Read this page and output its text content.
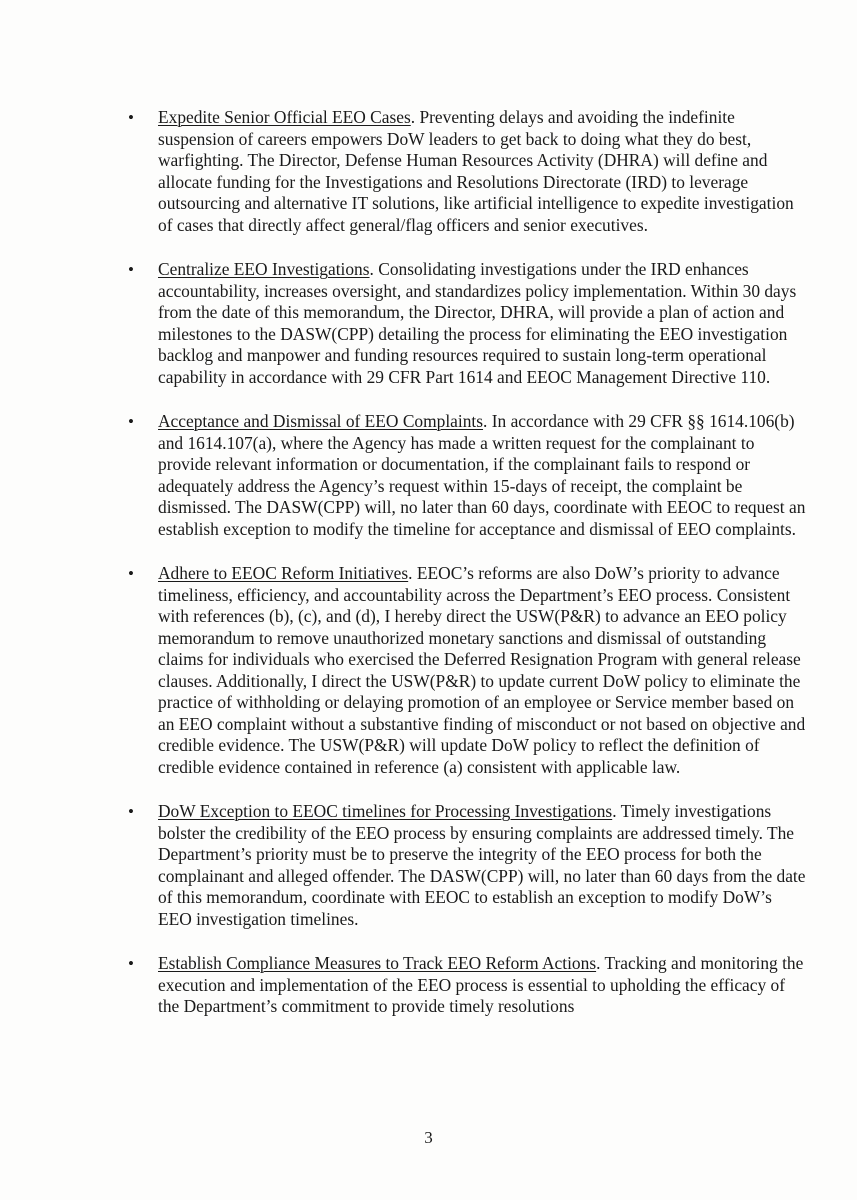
•	Expedite Senior Official EEO Cases. Preventing delays and avoiding the indefinite suspension of careers empowers DoW leaders to get back to doing what they do best, warfighting. The Director, Defense Human Resources Activity (DHRA) will define and allocate funding for the Investigations and Resolutions Directorate (IRD) to leverage outsourcing and alternative IT solutions, like artificial intelligence to expedite investigation of cases that directly affect general/flag officers and senior executives.
•	Centralize EEO Investigations. Consolidating investigations under the IRD enhances accountability, increases oversight, and standardizes policy implementation. Within 30 days from the date of this memorandum, the Director, DHRA, will provide a plan of action and milestones to the DASW(CPP) detailing the process for eliminating the EEO investigation backlog and manpower and funding resources required to sustain long-term operational capability in accordance with 29 CFR Part 1614 and EEOC Management Directive 110.
•	Acceptance and Dismissal of EEO Complaints. In accordance with 29 CFR §§ 1614.106(b) and 1614.107(a), where the Agency has made a written request for the complainant to provide relevant information or documentation, if the complainant fails to respond or adequately address the Agency’s request within 15-days of receipt, the complaint be dismissed. The DASW(CPP) will, no later than 60 days, coordinate with EEOC to request an establish exception to modify the timeline for acceptance and dismissal of EEO complaints.
•	Adhere to EEOC Reform Initiatives. EEOC’s reforms are also DoW’s priority to advance timeliness, efficiency, and accountability across the Department’s EEO process. Consistent with references (b), (c), and (d), I hereby direct the USW(P&R) to advance an EEO policy memorandum to remove unauthorized monetary sanctions and dismissal of outstanding claims for individuals who exercised the Deferred Resignation Program with general release clauses. Additionally, I direct the USW(P&R) to update current DoW policy to eliminate the practice of withholding or delaying promotion of an employee or Service member based on an EEO complaint without a substantive finding of misconduct or not based on objective and credible evidence. The USW(P&R) will update DoW policy to reflect the definition of credible evidence contained in reference (a) consistent with applicable law.
•	DoW Exception to EEOC timelines for Processing Investigations. Timely investigations bolster the credibility of the EEO process by ensuring complaints are addressed timely. The Department’s priority must be to preserve the integrity of the EEO process for both the complainant and alleged offender. The DASW(CPP) will, no later than 60 days from the date of this memorandum, coordinate with EEOC to establish an exception to modify DoW’s EEO investigation timelines.
•	Establish Compliance Measures to Track EEO Reform Actions. Tracking and monitoring the execution and implementation of the EEO process is essential to upholding the efficacy of the Department’s commitment to provide timely resolutions
3
